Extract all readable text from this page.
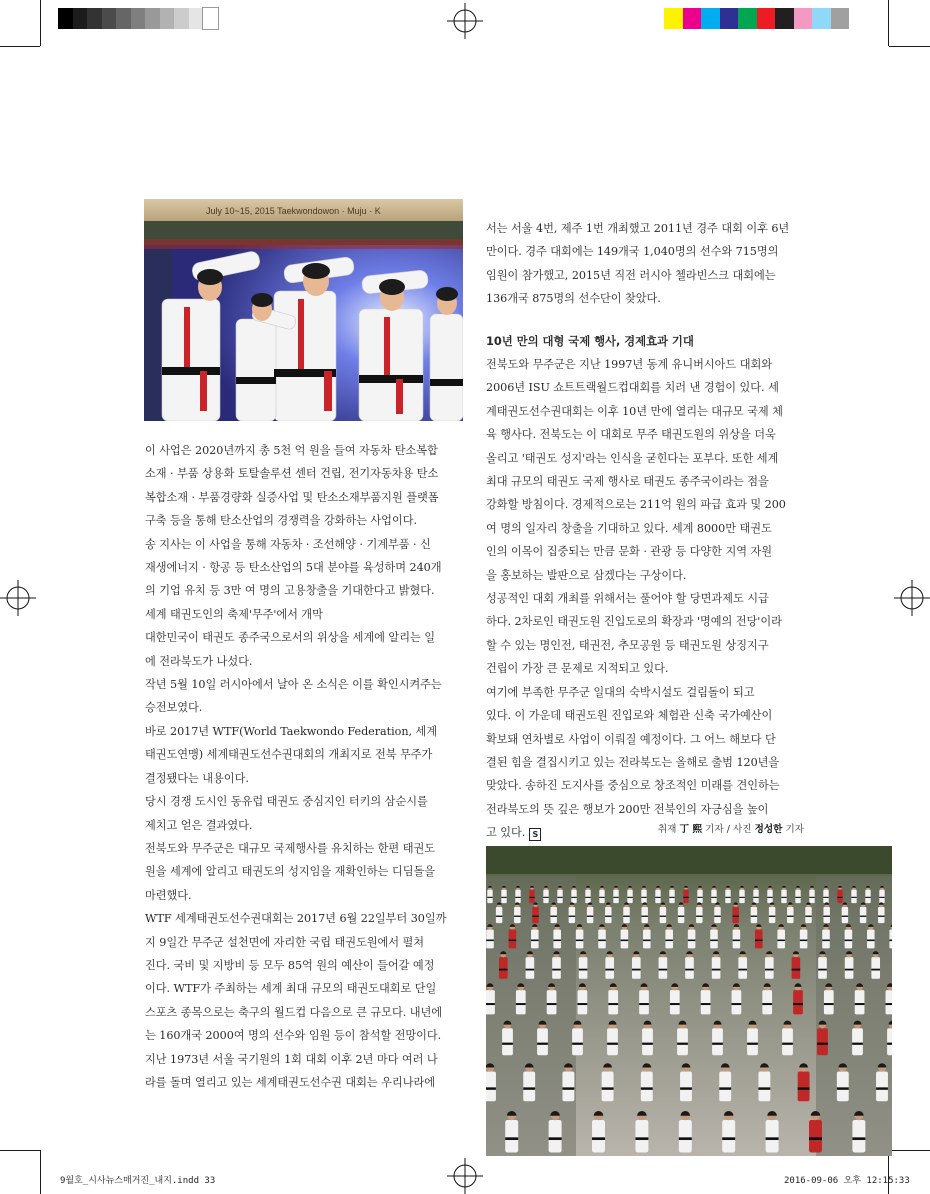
July 10~15, 2015 Taekwondowon · Muju · K

이 사업은 2020년까지 총 5천 억 원을 들여 자동차 탄소복합

소재 · 부품 상용화 토탈솔루션 센터 건립, 전기자동차용 탄소

복합소재 · 부품경량화 실증사업 및 탄소소재부품지원 플랫폼

구축 등을 통해 탄소산업의 경쟁력을 강화하는 사업이다.

송 지사는 이 사업을 통해 자동차 · 조선해양 · 기계부품 · 신

재생에너지 · 항공 등 탄소산업의 5대 분야를 육성하며 240개

의 기업 유치 등 3만 여 명의 고용창출을 기대한다고 밝혔다.

세계 태권도인의 축제'무주'에서 개막

대한민국이 태권도 종주국으로서의 위상을 세계에 알리는 일

에 전라북도가 나섰다.

작년 5월 10일 러시아에서 날아 온 소식은 이를 확인시켜주는

승전보였다.

바로 2017년 WTF(World Taekwondo Federation, 세계

태권도연맹) 세계태권도선수권대회의 개최지로 전북 무주가

결정됐다는 내용이다.

당시 경쟁 도시인 동유럽 태권도 중심지인 터키의 삼순시를

제치고 얻은 결과였다.

전북도와 무주군은 대규모 국제행사를 유치하는 한편 태권도

원을 세계에 알리고 태권도의 성지임을 재확인하는 디딤돌을

마련했다.

WTF 세계태권도선수권대회는 2017년 6월 22일부터 30일까

지 9일간 무주군 설천면에 자리한 국립 태권도원에서 펼쳐

진다. 국비 및 지방비 등 모두 85억 원의 예산이 들어갈 예정

이다. WTF가 주최하는 세계 최대 규모의 태권도대회로 단일

스포츠 종목으로는 축구의 월드컵 다음으로 큰 규모다. 내년에

는 160개국 2000여 명의 선수와 임원 등이 참석할 전망이다.

지난 1973년 서울 국기원의 1회 대회 이후 2년 마다 여러 나

라를 돌며 열리고 있는 세계태권도선수권 대회는 우리나라에

서는 서울 4번, 제주 1번 개최했고 2011년 경주 대회 이후 6년

만이다. 경주 대회에는 149개국 1,040명의 선수와 715명의

임원이 참가했고, 2015년 직전 러시아 첼라빈스크 대회에는

136개국 875명의 선수단이 찾았다.

10년 만의 대형 국제 행사, 경제효과 기대

전북도와 무주군은 지난 1997년 동계 유니버시아드 대회와

2006년 ISU 쇼트트랙월드컵대회를 치러 낸 경험이 있다. 세

계태권도선수권대회는 이후 10년 만에 열리는 대규모 국제 체

육 행사다. 전북도는 이 대회로 무주 태권도원의 위상을 더욱

올리고 '태권도 성지'라는 인식을 굳힌다는 포부다. 또한 세계

최대 규모의 태권도 국제 행사로 태권도 종주국이라는 점을

강화할 방침이다. 경제적으로는 211억 원의 파급 효과 및 200

여 명의 일자리 창출을 기대하고 있다. 세계 8000만 태권도

인의 이목이 집중되는 만큼 문화 · 관광 등 다양한 지역 자원

을 홍보하는 발판으로 삼겠다는 구상이다.

성공적인 대회 개최를 위해서는 풀어야 할 당면과제도 시급

하다. 2차로인 태권도원 진입도로의 확장과 '명예의 전당'이라

할 수 있는 명인전, 태권전, 추모공원 등 태권도원 상징지구

건립이 가장 큰 문제로 지적되고 있다.

여기에 부족한 무주군 일대의 숙박시설도 걸림돌이 되고

있다. 이 가운데 태권도원 진입로와 체험관 신축 국가예산이

확보돼 연차별로 사업이 이뤄질 예정이다. 그 어느 해보다 단

결된 힘을 결집시키고 있는 전라북도는 올해로 출범 120년을

맞았다. 송하진 도지사를 중심으로 창조적인 미래를 견인하는

전라북도의 뜻 깊은 행보가 200만 전북인의 자긍심을 높이

고 있다. S	취재 丁 熙 기자 / 사진 정성한 기자
9월호_시사뉴스매거진_내지.indd 33	2016-09-06 오후 12:15:33
